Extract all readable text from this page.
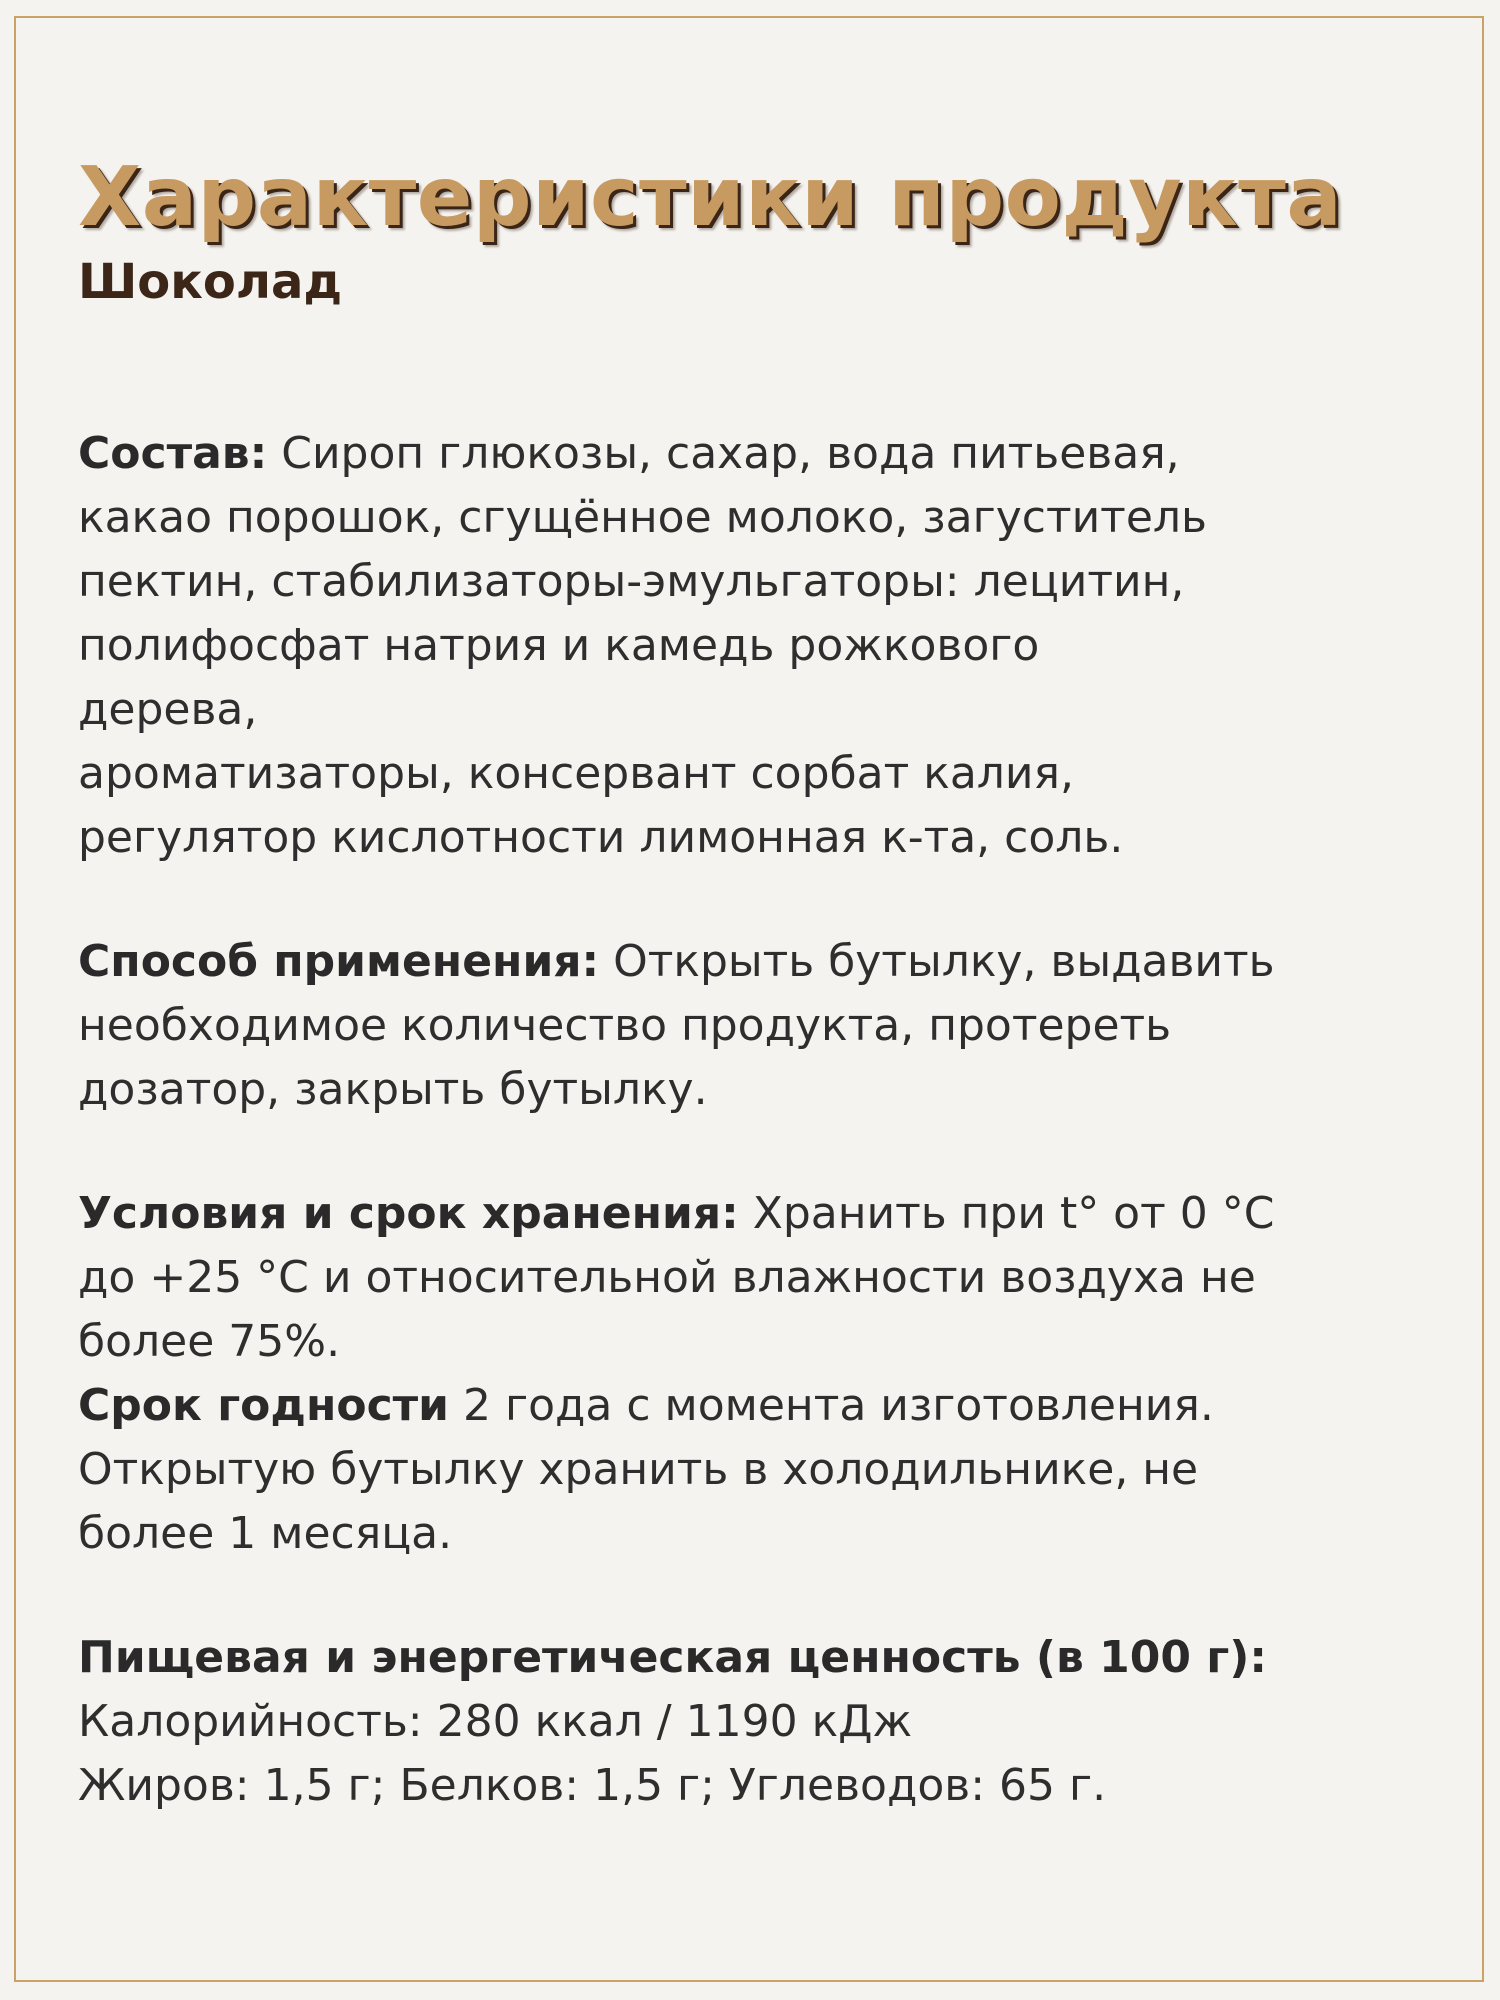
Характеристики продукта
Шоколад
Состав: Сироп глюкозы, сахар, вода питьевая,
какао порошок, сгущённое молоко, загуститель
пектин, стабилизаторы-эмульгаторы: лецитин,
полифосфат натрия и камедь рожкового
дерева,
ароматизаторы, консервант сорбат калия,
регулятор кислотности лимонная к-та, соль.
Способ применения: Открыть бутылку, выдавить
необходимое количество продукта, протереть
дозатор, закрыть бутылку.
Условия и срок хранения: Хранить при t° от 0 °С
до +25 °С и относительной влажности воздуха не
более 75%.
Срок годности 2 года с момента изготовления.
Открытую бутылку хранить в холодильнике, не
более 1 месяца.
Пищевая и энергетическая ценность (в 100 г):
Калорийность: 280 ккал / 1190 кДж
Жиров: 1,5 г; Белков: 1,5 г; Углеводов: 65 г.
